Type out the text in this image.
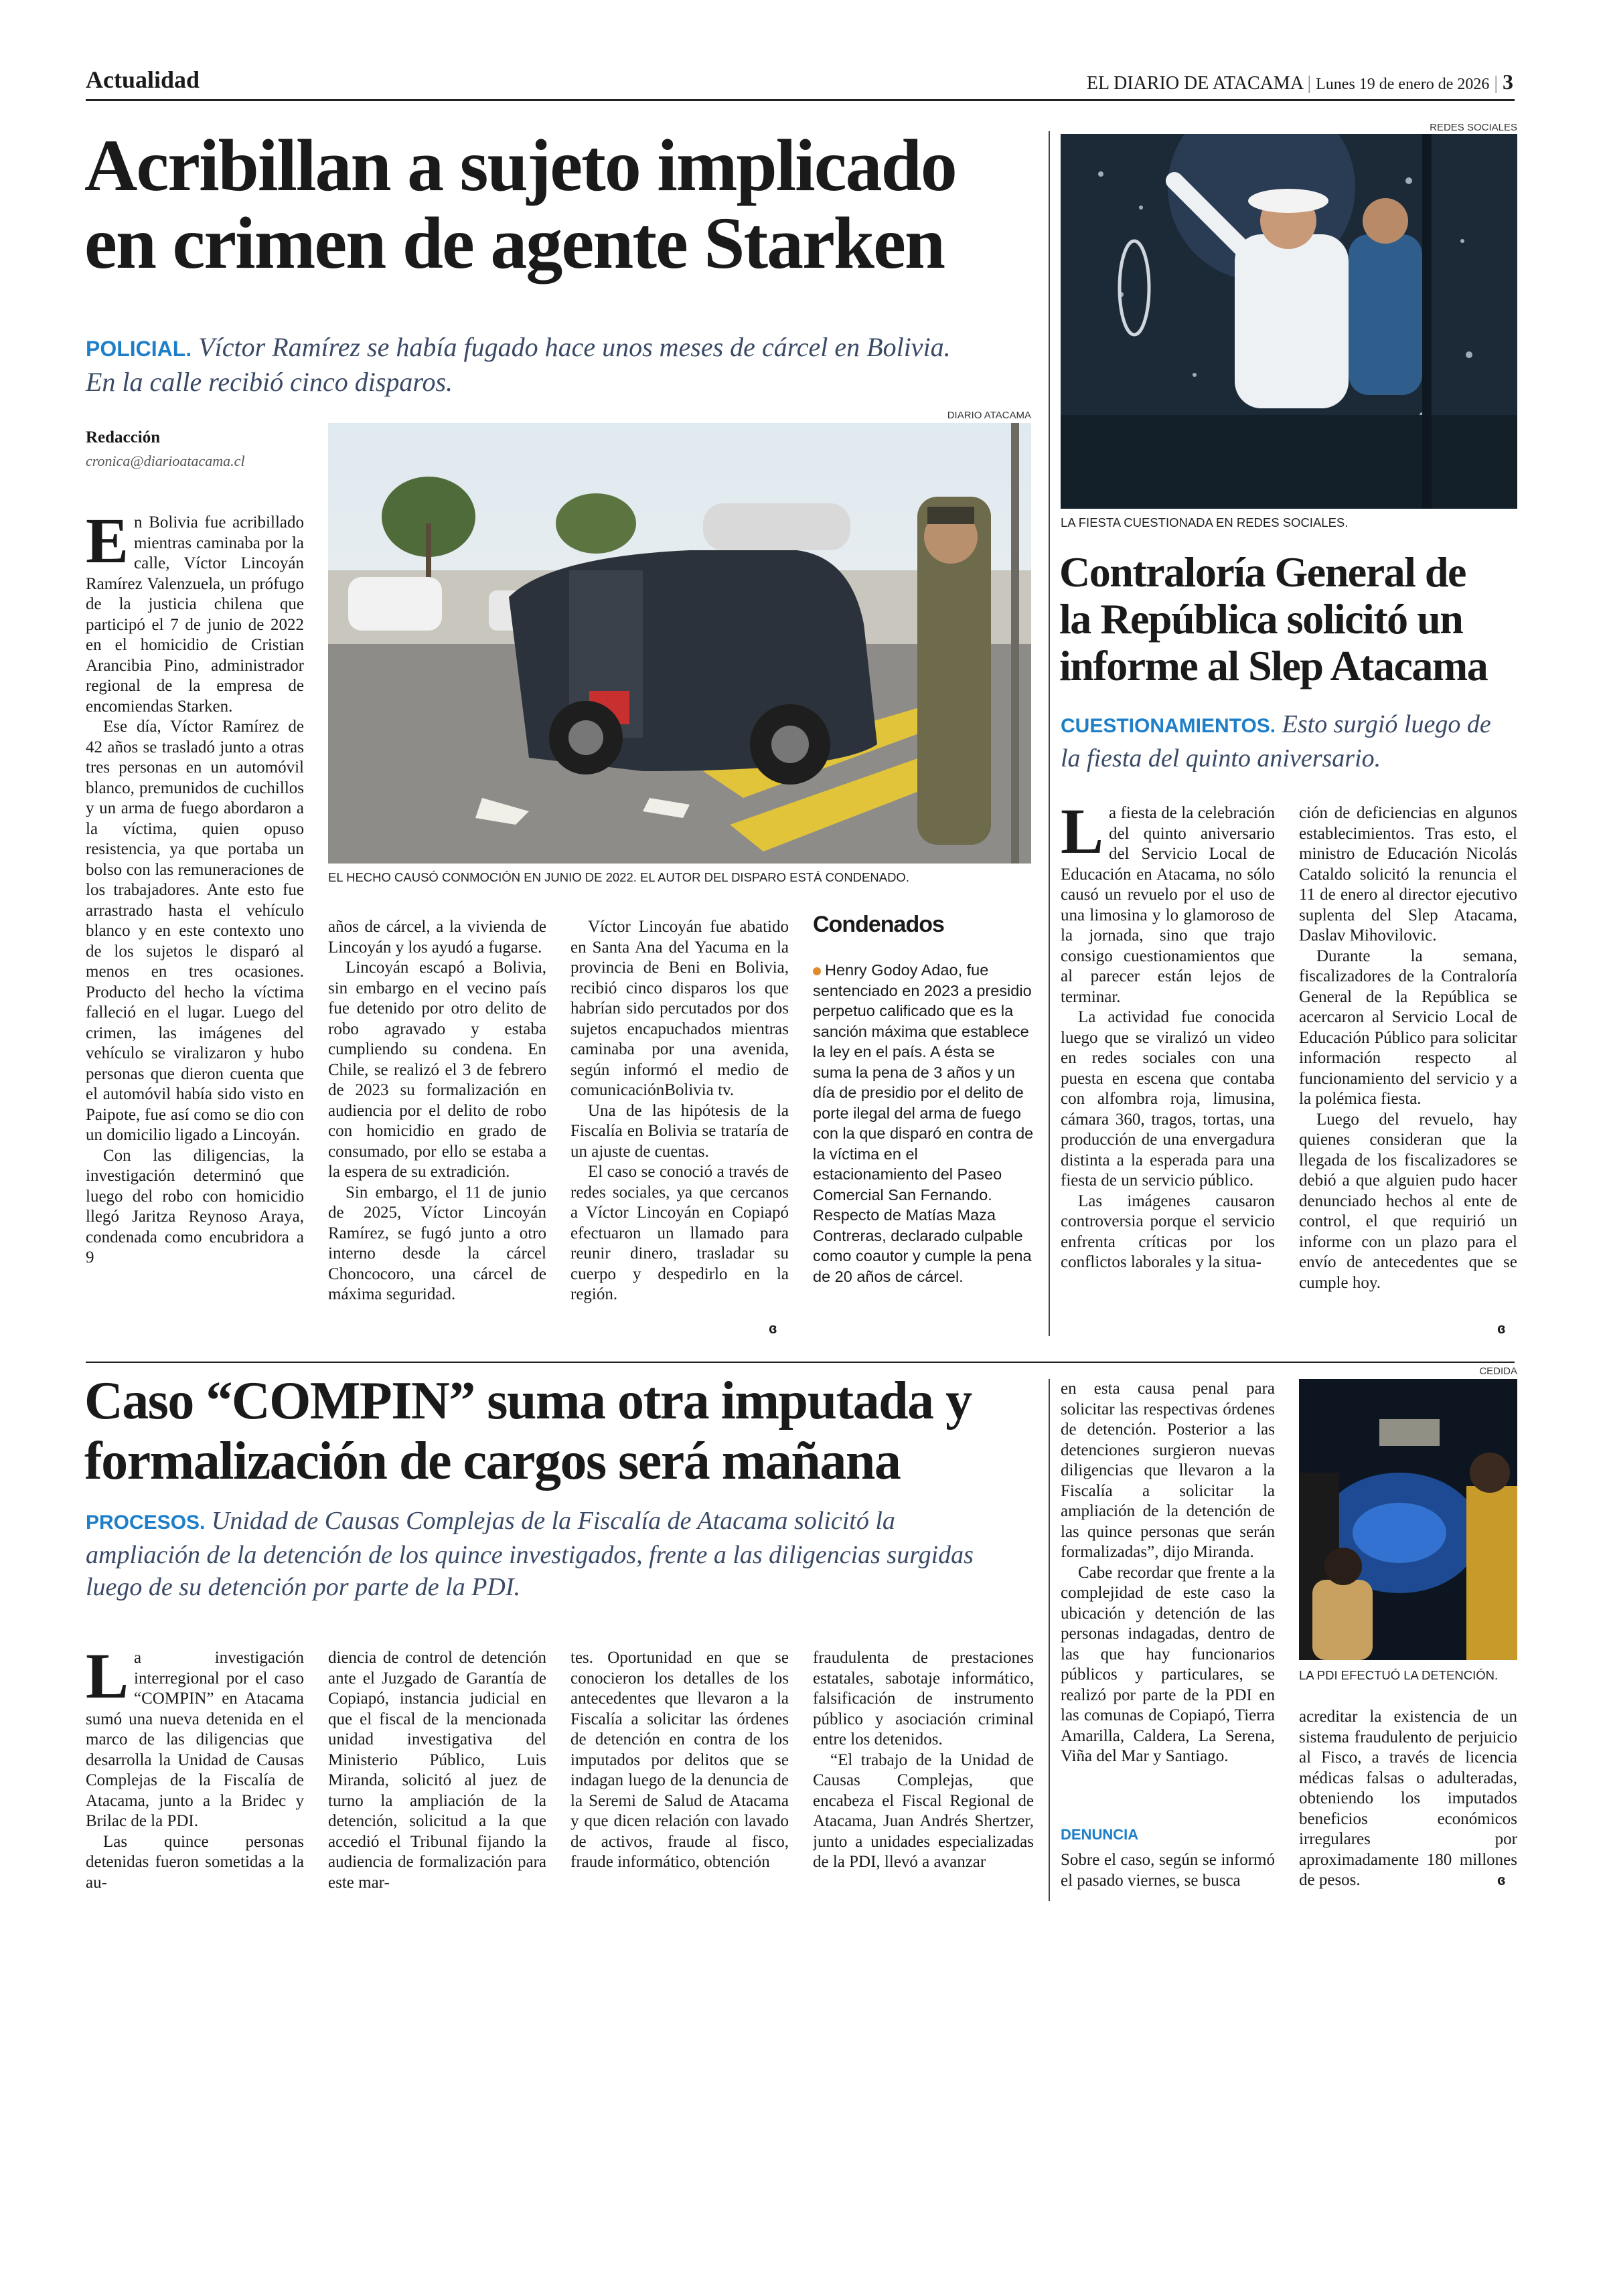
Actualidad	EL DIARIO DE ATACAMA | Lunes 19 de enero de 2026 | 3
Acribillan a sujeto implicado
en crimen de agente Starken
POLICIAL. Víctor Ramírez se había fugado hace unos meses de cárcel en Bolivia.
En la calle recibió cinco disparos.
Redacción
cronica@diarioatacama.cl
DIARIO ATACAMA
EL HECHO CAUSÓ CONMOCIÓN EN JUNIO DE 2022. EL AUTOR DEL DISPARO ESTÁ CONDENADO.
E n Bolivia fue acribillado mientras caminaba por la calle, Víctor Lincoyán Ramírez Valenzuela, un prófugo de la justicia chilena que participó el 7 de junio de 2022 en el homicidio de Cristian Arancibia Pino, administrador regional de la empresa de encomiendas Starken.

Ese día, Víctor Ramírez de 42 años se trasladó junto a otras tres personas en un automóvil blanco, premunidos de cuchillos y un arma de fuego abordaron a la víctima, quien opuso resistencia, ya que portaba un bolso con las remuneraciones de los trabajadores. Ante esto fue arrastrado hasta el vehículo blanco y en este contexto uno de los sujetos le disparó al menos en tres ocasiones. Producto del hecho la víctima falleció en el lugar. Luego del crimen, las imágenes del vehículo se viralizaron y hubo personas que dieron cuenta que el automóvil había sido visto en Paipote, fue así como se dio con un domicilio ligado a Lincoyán.

Con las diligencias, la investigación determinó que luego del robo con homicidio llegó Jaritza Reynoso Araya, condenada como encubridora a 9

años de cárcel, a la vivienda de Lincoyán y los ayudó a fugarse.

Lincoyán escapó a Bolivia, sin embargo en el vecino país fue detenido por otro delito de robo agravado y estaba cumpliendo su condena. En Chile, se realizó el 3 de febrero de 2023 su formalización en audiencia por el delito de robo con homicidio en grado de consumado, por ello se estaba a la espera de su extradición.

Sin embargo, el 11 de junio de 2025, Víctor Lincoyán Ramírez, se fugó junto a otro interno desde la cárcel Choncocoro, una cárcel de máxima seguridad.

Víctor Lincoyán fue abatido en Santa Ana del Yacuma en la provincia de Beni en Bolivia, recibió cinco disparos los que habrían sido percutados por dos sujetos encapuchados mientras caminaba por una avenida, según informó el medio de comunicaciónBolivia tv.

Una de las hipótesis de la Fiscalía en Bolivia se trataría de un ajuste de cuentas.

El caso se conoció a través de redes sociales, ya que cercanos a Víctor Lincoyán en Copiapó efectuaron un llamado para reunir dinero, trasladar su cuerpo y despedirlo en la región.

ɞ
Condenados
Henry Godoy Adao, fue sentenciado en 2023 a presidio perpetuo calificado que es la sanción máxima que establece la ley en el país. A ésta se suma la pena de 3 años y un día de presidio por el delito de porte ilegal del arma de fuego con la que disparó en contra de la víctima en el estacionamiento del Paseo Comercial San Fernando. Respecto de Matías Maza Contreras, declarado culpable como coautor y cumple la pena de 20 años de cárcel.
REDES SOCIALES
LA FIESTA CUESTIONADA EN REDES SOCIALES.
Contraloría General de
la República solicitó un
informe al Slep Atacama
CUESTIONAMIENTOS. Esto surgió luego de
la fiesta del quinto aniversario.
L a fiesta de la celebración del quinto aniversario del Servicio Local de Educación en Atacama, no sólo causó un revuelo por el uso de una limosina y lo glamoroso de la jornada, sino que trajo consigo cuestionamientos que al parecer están lejos de terminar.

La actividad fue conocida luego que se viralizó un video en redes sociales con una puesta en escena que contaba con alfombra roja, limusina, cámara 360, tragos, tortas, una producción de una envergadura distinta a la esperada para una fiesta de un servicio público.

Las imágenes causaron controversia porque el servicio enfrenta críticas por los conflictos laborales y la situa-

ción de deficiencias en algunos establecimientos. Tras esto, el ministro de Educación Nicolás Cataldo solicitó la renuncia el 11 de enero al director ejecutivo suplenta del Slep Atacama, Daslav Mihovilovic.

Durante la semana, fiscalizadores de la Contraloría General de la República se acercaron al Servicio Local de Educación Público para solicitar información respecto al funcionamiento del servicio y a la polémica fiesta.

Luego del revuelo, hay quienes consideran que la llegada de los fiscalizadores se debió a que alguien pudo hacer denunciado hechos al ente de control, el que requirió un informe con un plazo para el envío de antecedentes que se cumple hoy.

ɞ
Caso “COMPIN” suma otra imputada y
formalización de cargos será mañana
PROCESOS. Unidad de Causas Complejas de la Fiscalía de Atacama solicitó la
ampliación de la detención de los quince investigados, frente a las diligencias surgidas
luego de su detención por parte de la PDI.
L a investigación interregional por el caso “COMPIN” en Atacama sumó una nueva detenida en el marco de las diligencias que desarrolla la Unidad de Causas Complejas de la Fiscalía de Atacama, junto a la Bridec y Brilac de la PDI.

Las quince personas detenidas fueron sometidas a la au-

diencia de control de detención ante el Juzgado de Garantía de Copiapó, instancia judicial en que el fiscal de la mencionada unidad investigativa del Ministerio Público, Luis Miranda, solicitó al juez de turno la ampliación de la detención, solicitud a la que accedió el Tribunal fijando la audiencia de formalización para este mar-

tes. Oportunidad en que se conocieron los detalles de los antecedentes que llevaron a la Fiscalía a solicitar las órdenes de detención en contra de los imputados por delitos que se indagan luego de la denuncia de la Seremi de Salud de Atacama y que dicen relación con lavado de activos, fraude al fisco, fraude informático, obtención

fraudulenta de prestaciones estatales, sabotaje informático, falsificación de instrumento público y asociación criminal entre los detenidos.

“El trabajo de la Unidad de Causas Complejas, que encabeza el Fiscal Regional de Atacama, Juan Andrés Shertzer, junto a unidades especializadas de la PDI, llevó a avanzar

en esta causa penal para solicitar las respectivas órdenes de detención. Posterior a las detenciones surgieron nuevas diligencias que llevaron a la Fiscalía a solicitar la ampliación de la detención de las quince personas que serán formalizadas”, dijo Miranda.

Cabe recordar que frente a la complejidad de este caso la ubicación y detención de las personas indagadas, dentro de las que hay funcionarios públicos y particulares, se realizó por parte de la PDI en las comunas de Copiapó, Tierra Amarilla, Caldera, La Serena, Viña del Mar y Santiago.

DENUNCIA

Sobre el caso, según se informó el pasado viernes, se busca

CEDIDA
LA PDI EFECTUÓ LA DETENCIÓN.

acreditar la existencia de un sistema fraudulento de perjuicio al Fisco, a través de licencia médicas falsas o adulteradas, obteniendo los imputados beneficios económicos irregulares por aproximadamente 180 millones de pesos.	ɞ
